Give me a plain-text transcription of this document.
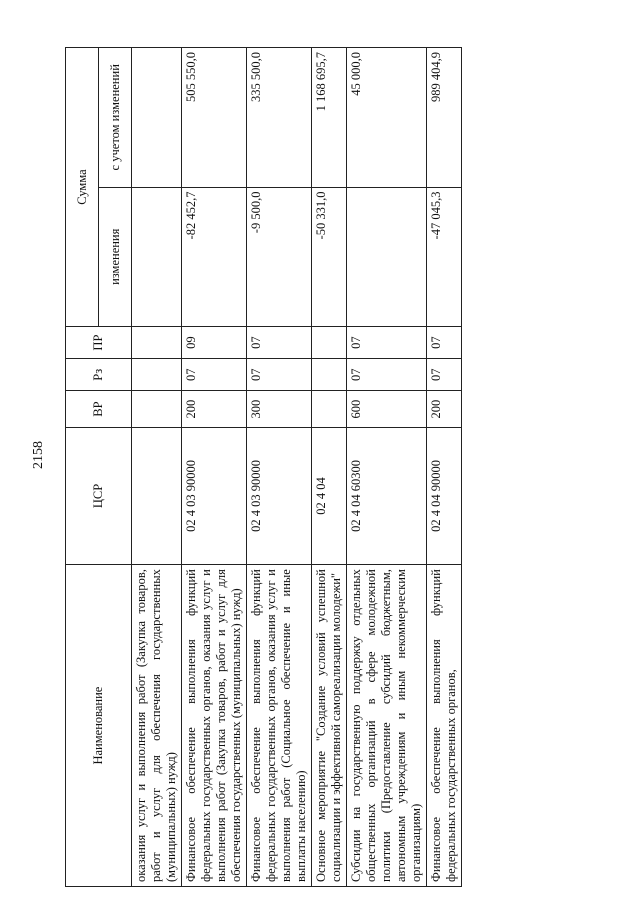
2158
Наименование	ЦСР	ВР	Рз	ПР	Сумма	
					изменения	с учетом изменений
оказания услуг и выполнения работ (Закупка товаров, работ и услуг для обеспечения государственных (муниципальных) нужд)						
Финансовое обеспечение выполнения функций федеральных государственных органов, оказания услуг и выполнения работ (Закупка товаров, работ и услуг для обеспечения государственных (муниципальных) нужд)	02 4 03 90000	200	07	09	-82 452,7	505 550,0
Финансовое обеспечение выполнения функций федеральных государственных органов, оказания услуг и выполнения работ (Социальное обеспечение и иные выплаты населению)	02 4 03 90000	300	07	07	-9 500,0	335 500,0
Основное мероприятие "Создание условий успешной социализации и эффективной самореализации молодежи"	02 4 04				-50 331,0	1 168 695,7
Субсидии на государственную поддержку отдельных общественных организаций в сфере молодежной политики (Предоставление субсидий бюджетным, автономным учреждениям и иным некоммерческим организациям)	02 4 04 60300	600	07	07		45 000,0
Финансовое обеспечение выполнения функций федеральных государственных органов,	02 4 04 90000	200	07	07	-47 045,3	989 404,9
